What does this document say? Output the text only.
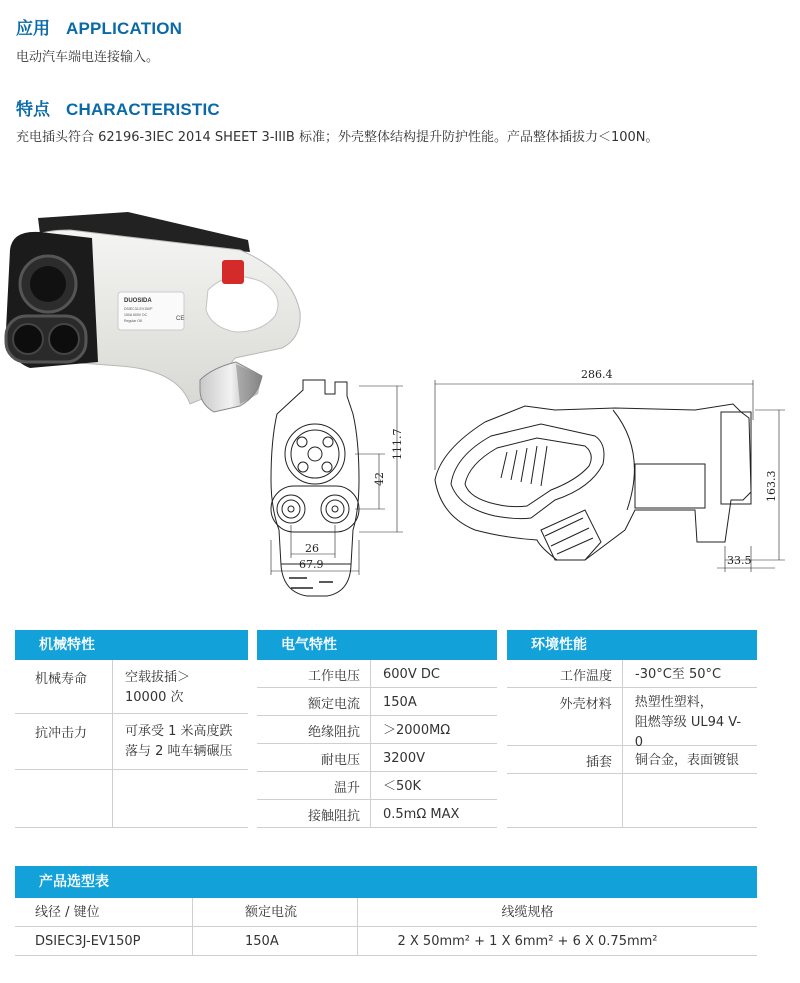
应用 APPLICATION
电动汽车端电连接输入。
特点 CHARACTERISTIC
充电插头符合 62196-3IEC 2014 SHEET 3-IIIB 标准；外壳整体结构提升防护性能。产品整体插拔力＜100N。
DUOSIDA
DSIEC3J-EV150P
150A 600V DC
Regular OK	CE
111.7
42
26
67.9
286.4
163.3
33.5
机械特性
机械寿命	空载拔插＞
10000 次
抗冲击力	可承受 1 米高度跌
落与 2 吨车辆碾压
电气特性
工作电压	600V DC
额定电流	150A
绝缘阻抗	＞2000MΩ
耐电压	3200V
温升	＜50K
接触阻抗	0.5mΩ MAX
环境性能
工作温度	-30°C至 50°C
外壳材料	热塑性塑料，
阻燃等级 UL94 V-0
插套	铜合金，表面镀银
产品选型表
线径 / 键位	额定电流	线缆规格
DSIEC3J-EV150P	150A	2 X 50mm² + 1 X 6mm² + 6 X 0.75mm²
